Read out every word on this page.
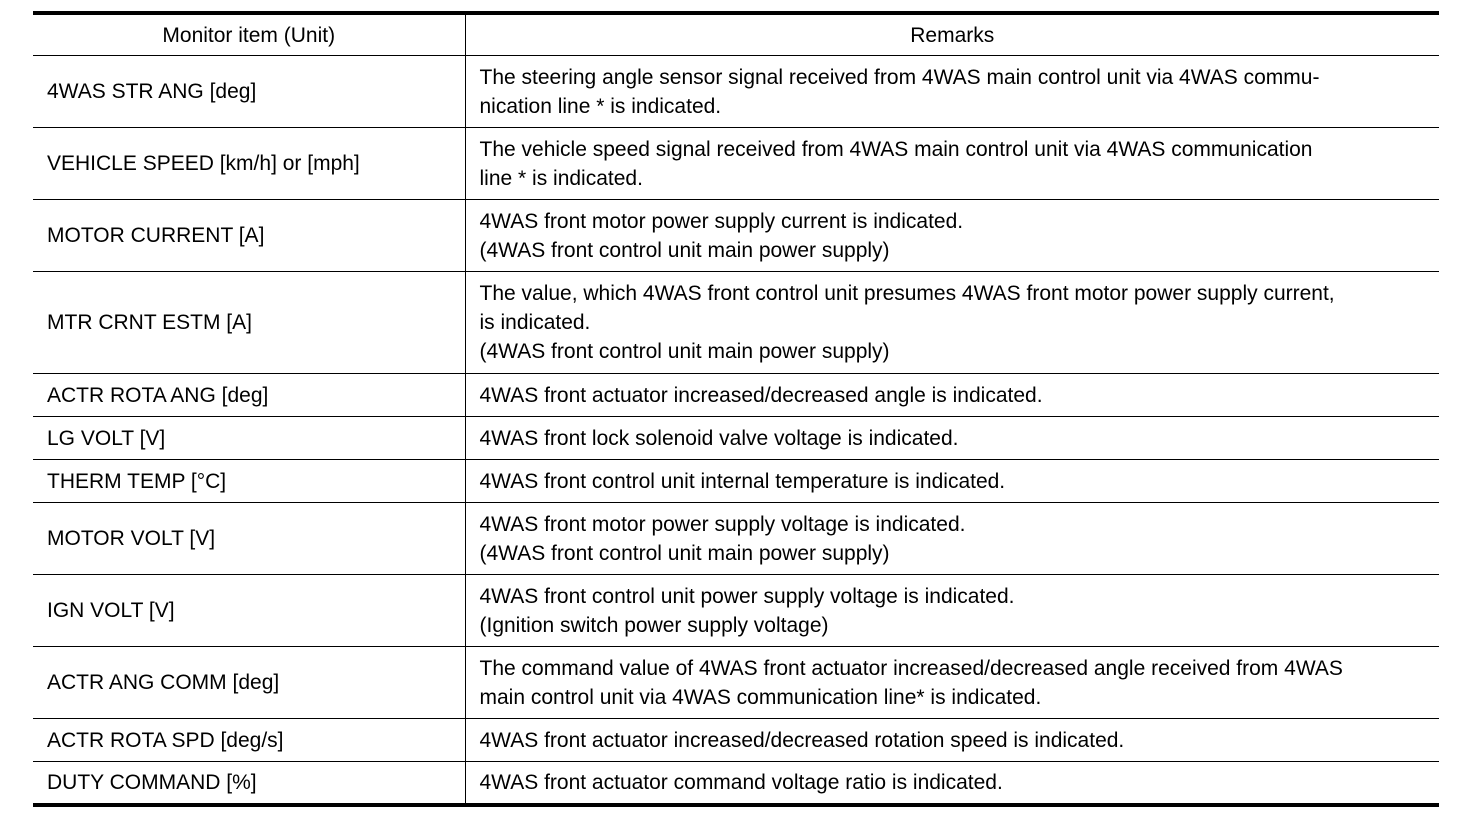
Monitor item (Unit)	Remarks
4WAS STR ANG [deg]	The steering angle sensor signal received from 4WAS main control unit via 4WAS commu-
nication line * is indicated.
VEHICLE SPEED [km/h] or [mph]	The vehicle speed signal received from 4WAS main control unit via 4WAS communication
line * is indicated.
MOTOR CURRENT [A]	4WAS front motor power supply current is indicated.
(4WAS front control unit main power supply)
MTR CRNT ESTM [A]	The value, which 4WAS front control unit presumes 4WAS front motor power supply current,
is indicated.
(4WAS front control unit main power supply)
ACTR ROTA ANG [deg]	4WAS front actuator increased/decreased angle is indicated.
LG VOLT [V]	4WAS front lock solenoid valve voltage is indicated.
THERM TEMP [°C]	4WAS front control unit internal temperature is indicated.
MOTOR VOLT [V]	4WAS front motor power supply voltage is indicated.
(4WAS front control unit main power supply)
IGN VOLT [V]	4WAS front control unit power supply voltage is indicated.
(Ignition switch power supply voltage)
ACTR ANG COMM [deg]	The command value of 4WAS front actuator increased/decreased angle received from 4WAS
main control unit via 4WAS communication line* is indicated.
ACTR ROTA SPD [deg/s]	4WAS front actuator increased/decreased rotation speed is indicated.
DUTY COMMAND [%]	4WAS front actuator command voltage ratio is indicated.
